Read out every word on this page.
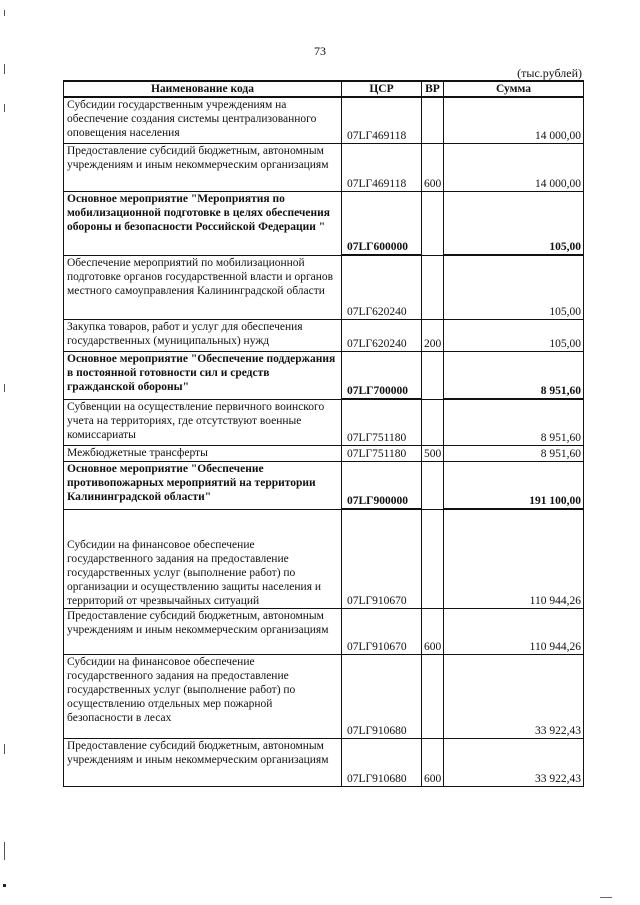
73
(тыс.рублей)
Наименование кода	ЦСР	ВР	Сумма
Субсидии государственным учреждениям на обеспечение создания системы централизованного оповещения населения	07LГ469118		14 000,00
Предоставление субсидий бюджетным, автономным учреждениям и иным некоммерческим организациям	07LГ469118	600	14 000,00
Основное мероприятие "Мероприятия по мобилизационной подготовке в целях обеспечения обороны и безопасности Российской Федерации "	07LГ600000		105,00
Обеспечение мероприятий по мобилизационной подготовке органов государственной власти и органов местного самоуправления Калининградской области	07LГ620240		105,00
Закупка товаров, работ и услуг для обеспечения государственных (муниципальных) нужд	07LГ620240	200	105,00
Основное мероприятие "Обеспечение поддержания в постоянной готовности сил и средств гражданской обороны"	07LГ700000		8 951,60
Субвенции на осуществление первичного воинского учета на территориях, где отсутствуют военные комиссариаты	07LГ751180		8 951,60
Межбюджетные трансферты	07LГ751180	500	8 951,60
Основное мероприятие "Обеспечение противопожарных мероприятий на территории Калининградской области"	07LГ900000		191 100,00

Субсидии на финансовое обеспечение государственного задания на предоставление государственных услуг (выполнение работ) по организации и осуществлению защиты населения и территорий от чрезвычайных ситуаций	07LГ910670		110 944,26
Предоставление субсидий бюджетным, автономным учреждениям и иным некоммерческим организациям	07LГ910670	600	110 944,26
Субсидии на финансовое обеспечение государственного задания на предоставление государственных услуг (выполнение работ) по осуществлению отдельных мер пожарной безопасности в лесах	07LГ910680		33 922,43
Предоставление субсидий бюджетным, автономным учреждениям и иным некоммерческим организациям	07LГ910680	600	33 922,43
